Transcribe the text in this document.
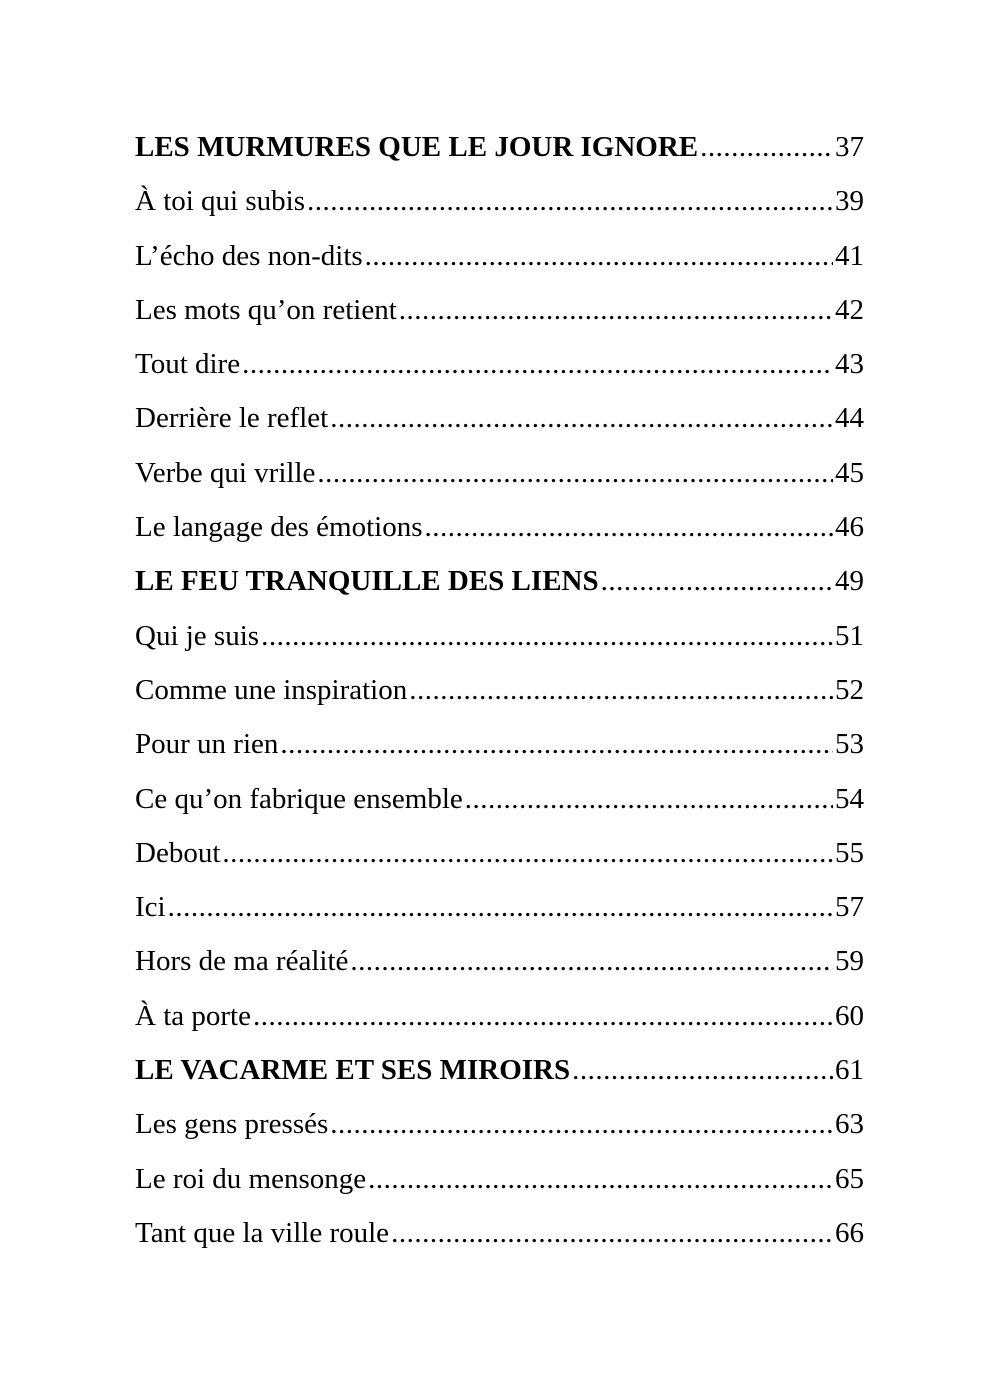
LES MURMURES QUE LE JOUR IGNORE .....	37
À toi qui subis .....	39
L’écho des non-dits .....	41
Les mots qu’on retient .....	42
Tout dire .....	43
Derrière le reflet .....	44
Verbe qui vrille .....	45
Le langage des émotions .....	46
LE FEU TRANQUILLE DES LIENS .....	49
Qui je suis .....	51
Comme une inspiration .....	52
Pour un rien .....	53
Ce qu’on fabrique ensemble .....	54
Debout .....	55
Ici .....	57
Hors de ma réalité .....	59
À ta porte .....	60
LE VACARME ET SES MIROIRS .....	61
Les gens pressés .....	63
Le roi du mensonge .....	65
Tant que la ville roule .....	66
